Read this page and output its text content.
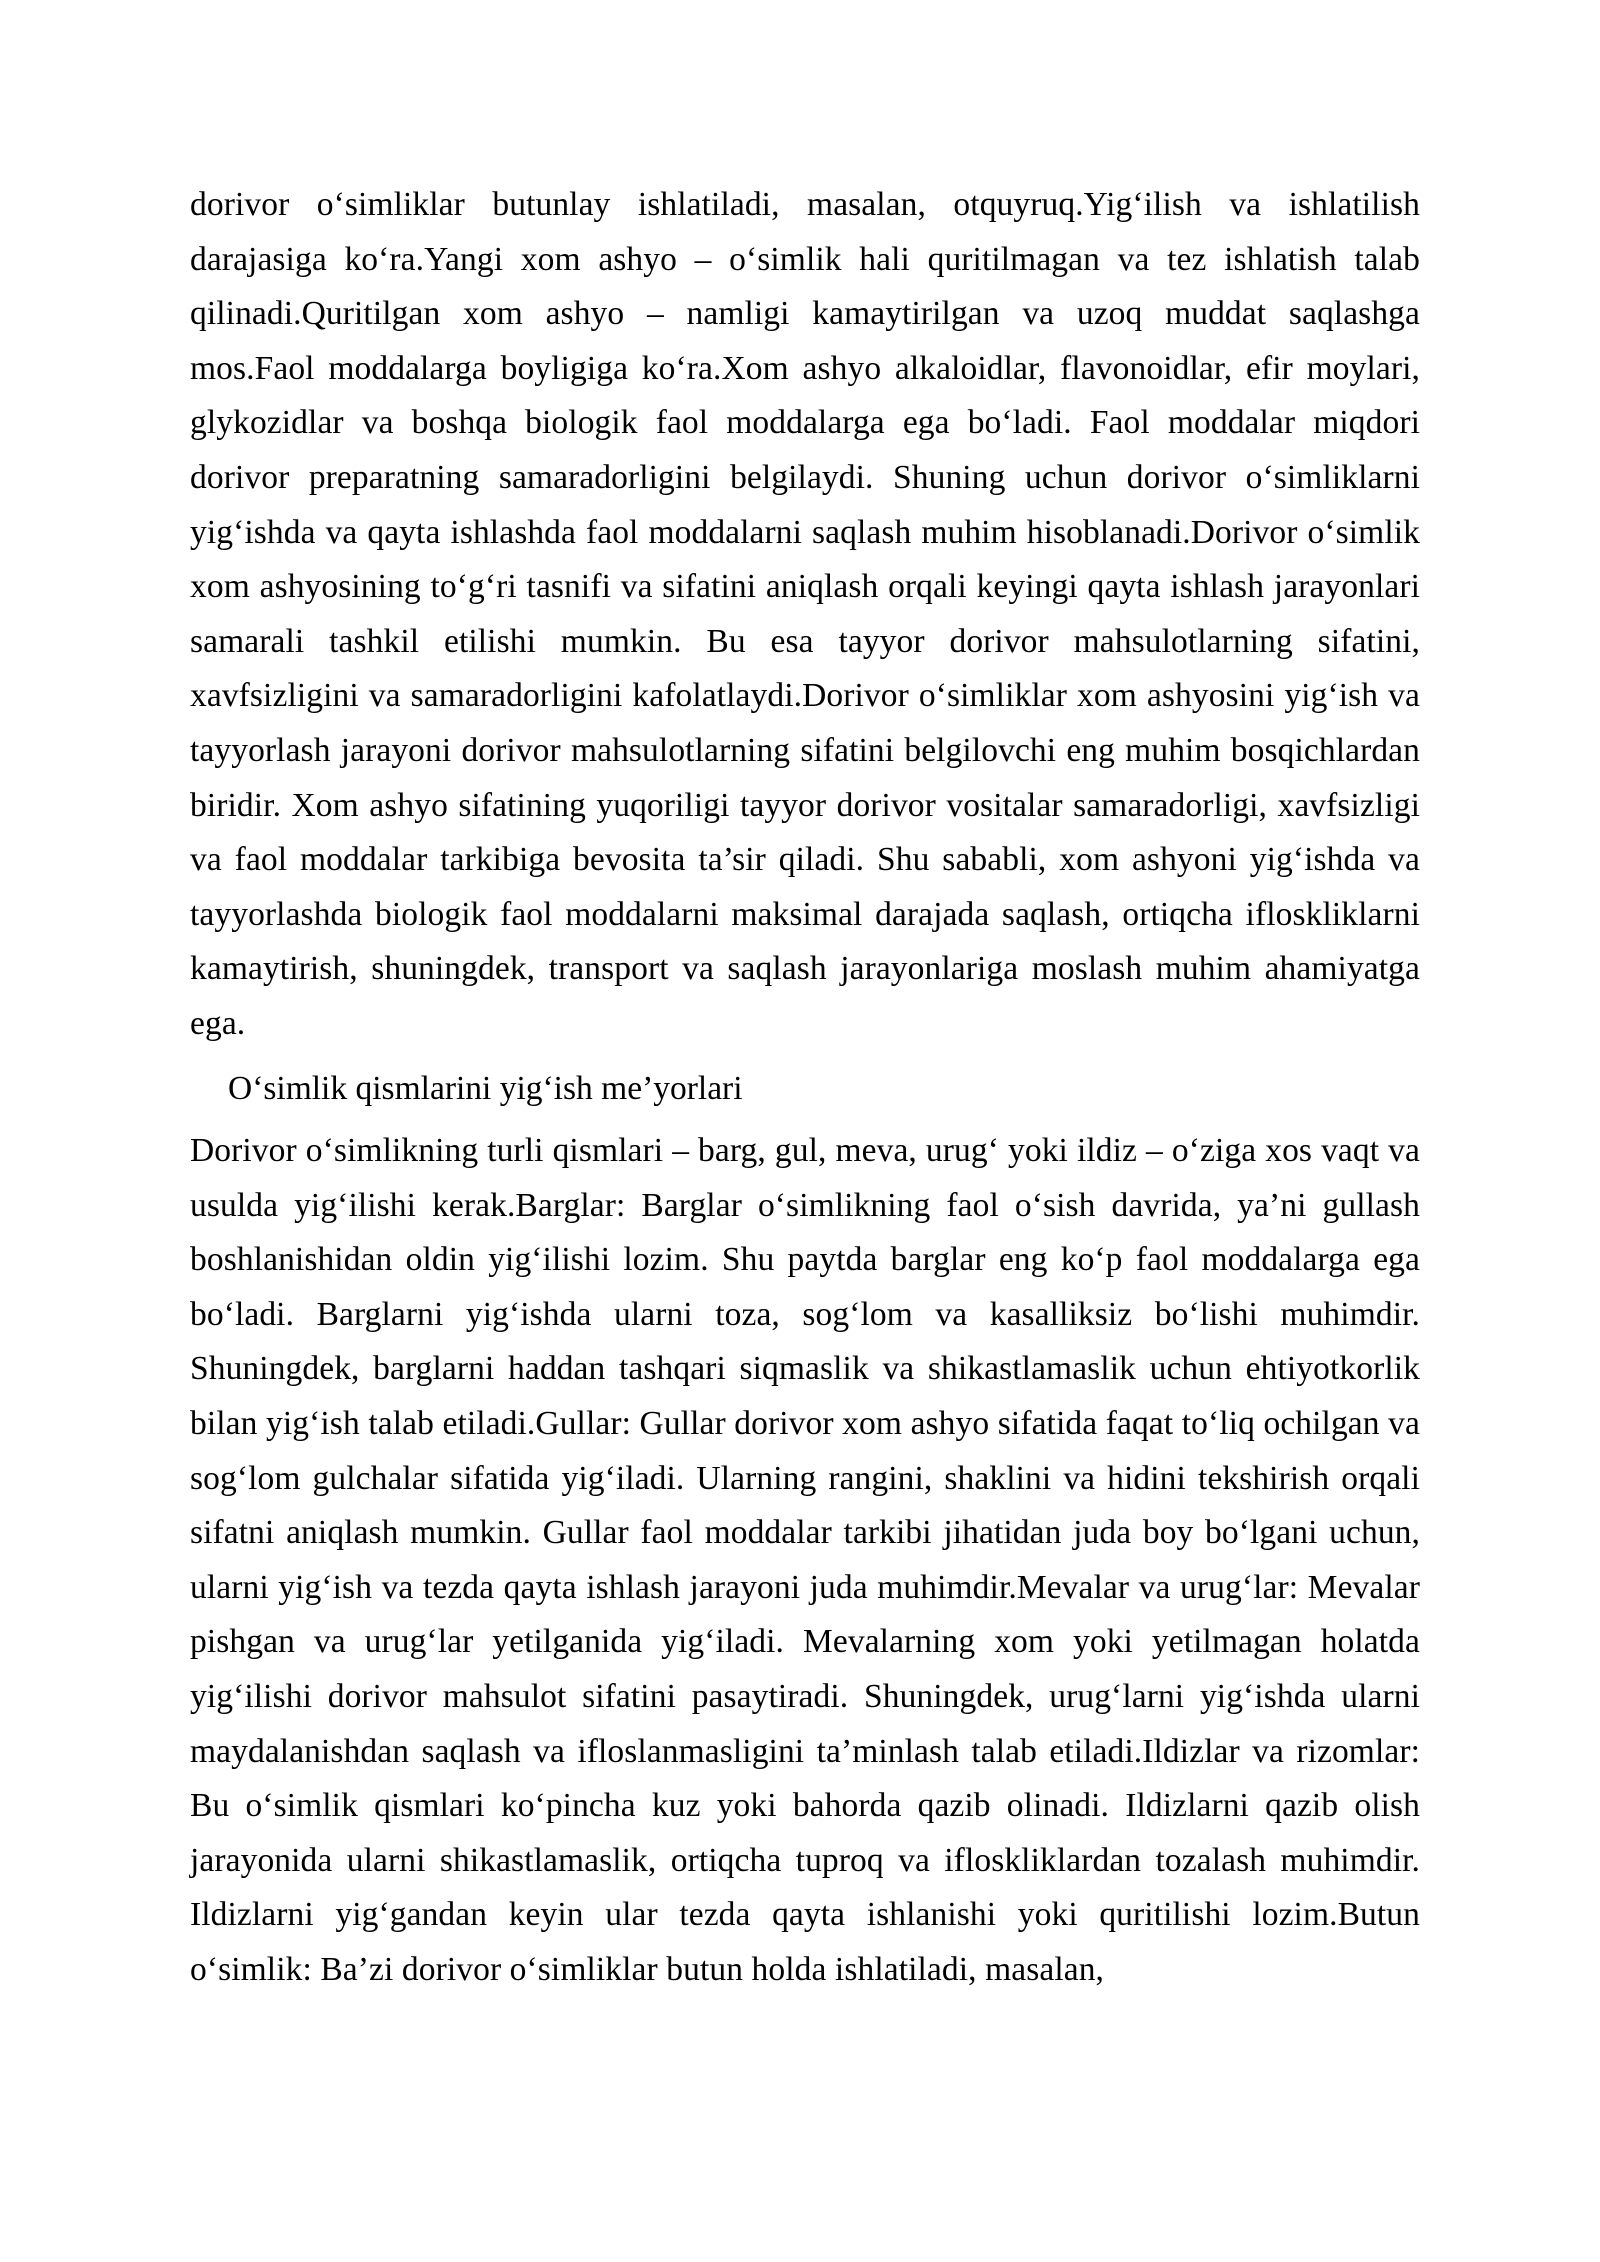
dorivor o‘simliklar butunlay ishlatiladi, masalan, otquyruq.Yig‘ilish va ishlatilish darajasiga ko‘ra.Yangi xom ashyo – o‘simlik hali quritilmagan va tez ishlatish talab qilinadi.Quritilgan xom ashyo – namligi kamaytirilgan va uzoq muddat saqlashga mos.Faol moddalarga boyligiga ko‘ra.Xom ashyo alkaloidlar, flavonoidlar, efir moylari, glykozidlar va boshqa biologik faol moddalarga ega bo‘ladi. Faol moddalar miqdori dorivor preparatning samaradorligini belgilaydi. Shuning uchun dorivor o‘simliklarni yig‘ishda va qayta ishlashda faol moddalarni saqlash muhim hisoblanadi.Dorivor o‘simlik xom ashyosining to‘g‘ri tasnifi va sifatini aniqlash orqali keyingi qayta ishlash jarayonlari samarali tashkil etilishi mumkin. Bu esa tayyor dorivor mahsulotlarning sifatini, xavfsizligini va samaradorligini kafolatlaydi.Dorivor o‘simliklar xom ashyosini yig‘ish va tayyorlash jarayoni dorivor mahsulotlarning sifatini belgilovchi eng muhim bosqichlardan biridir. Xom ashyo sifatining yuqoriligi tayyor dorivor vositalar samaradorligi, xavfsizligi va faol moddalar tarkibiga bevosita ta’sir qiladi. Shu sababli, xom ashyoni yig‘ishda va tayyorlashda biologik faol moddalarni maksimal darajada saqlash, ortiqcha ifloskliklarni kamaytirish, shuningdek, transport va saqlash jarayonlariga moslash muhim ahamiyatga ega.

O‘simlik qismlarini yig‘ish me’yorlari

Dorivor o‘simlikning turli qismlari – barg, gul, meva, urug‘ yoki ildiz – o‘ziga xos vaqt va usulda yig‘ilishi kerak.Barglar: Barglar o‘simlikning faol o‘sish davrida, ya’ni gullash boshlanishidan oldin yig‘ilishi lozim. Shu paytda barglar eng ko‘p faol moddalarga ega bo‘ladi. Barglarni yig‘ishda ularni toza, sog‘lom va kasalliksiz bo‘lishi muhimdir. Shuningdek, barglarni haddan tashqari siqmaslik va shikastlamaslik uchun ehtiyotkorlik bilan yig‘ish talab etiladi.Gullar: Gullar dorivor xom ashyo sifatida faqat to‘liq ochilgan va sog‘lom gulchalar sifatida yig‘iladi. Ularning rangini, shaklini va hidini tekshirish orqali sifatni aniqlash mumkin. Gullar faol moddalar tarkibi jihatidan juda boy bo‘lgani uchun, ularni yig‘ish va tezda qayta ishlash jarayoni juda muhimdir.Mevalar va urug‘lar: Mevalar pishgan va urug‘lar yetilganida yig‘iladi. Mevalarning xom yoki yetilmagan holatda yig‘ilishi dorivor mahsulot sifatini pasaytiradi. Shuningdek, urug‘larni yig‘ishda ularni maydalanishdan saqlash va ifloslanmasligini ta’minlash talab etiladi.Ildizlar va rizomlar: Bu o‘simlik qismlari ko‘pincha kuz yoki bahorda qazib olinadi. Ildizlarni qazib olish jarayonida ularni shikastlamaslik, ortiqcha tuproq va ifloskliklardan tozalash muhimdir. Ildizlarni yig‘gandan keyin ular tezda qayta ishlanishi yoki quritilishi lozim.Butun o‘simlik: Ba’zi dorivor o‘simliklar butun holda ishlatiladi, masalan,
